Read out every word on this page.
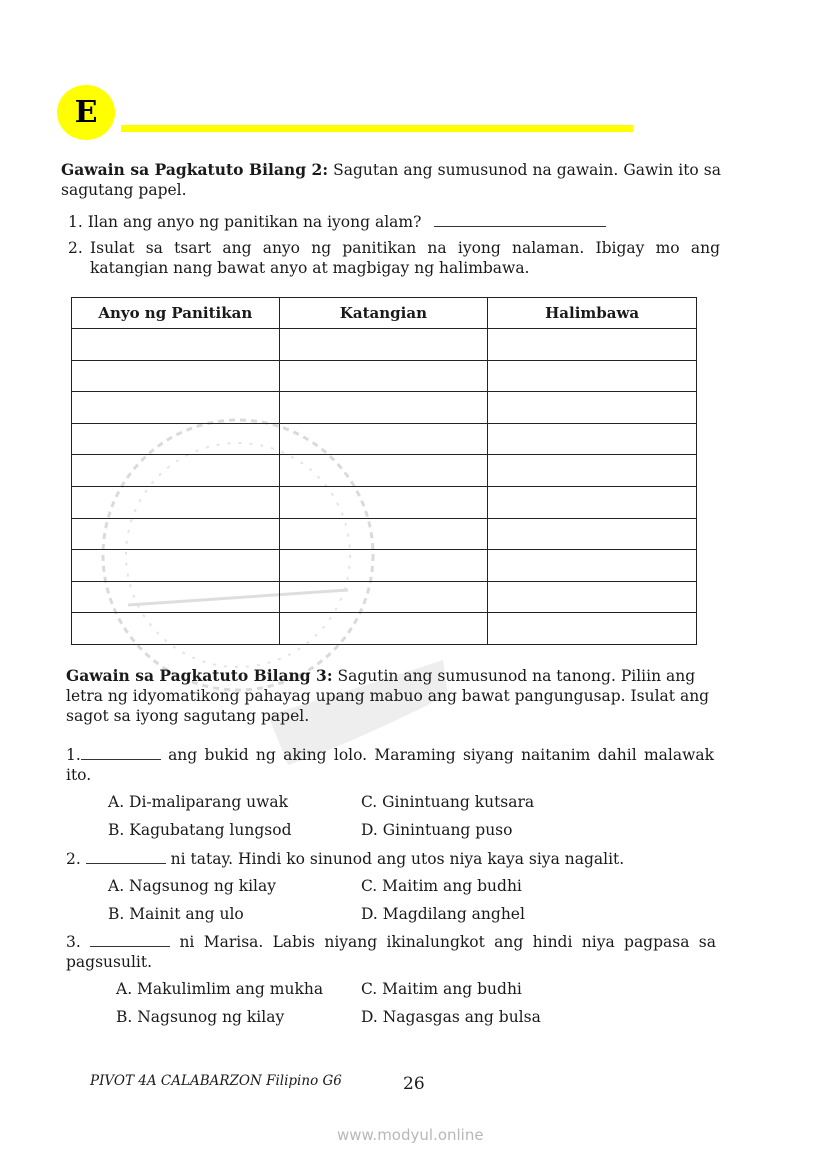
E
Gawain sa Pagkatuto Bilang 2: Sagutan ang sumusunod na gawain. Gawin ito sa sagutang papel.
1. Ilan ang anyo ng panitikan na iyong alam?
2. Isulat sa tsart ang anyo ng panitikan na iyong nalaman. Ibigay mo ang katangian nang bawat anyo at magbigay ng halimbawa.
Anyo ng Panitikan	Katangian	Halimbawa

Gawain sa Pagkatuto Bilang 3: Sagutin ang sumusunod na tanong. Piliin ang letra ng idyomatikong pahayag upang mabuo ang bawat pangungusap. Isulat ang sagot sa iyong sagutang papel.
1.	ang bukid ng aking lolo. Maraming siyang naitanim dahil malawak ito.
A. Di-maliparang uwak	C. Ginintuang kutsara
B. Kagubatang lungsod	D. Ginintuang puso
2.	ni tatay. Hindi ko sinunod ang utos niya kaya siya nagalit.
A. Nagsunog ng kilay	C. Maitim ang budhi
B. Mainit ang ulo	D. Magdilang anghel
3.	ni Marisa. Labis niyang ikinalungkot ang hindi niya pagpasa sa pagsusulit.
A. Makulimlim ang mukha C. Maitim ang budhi
B. Nagsunog ng kilay	D. Nagasgas ang bulsa
PIVOT 4A CALABARZON Filipino G6	26
www.modyul.online
